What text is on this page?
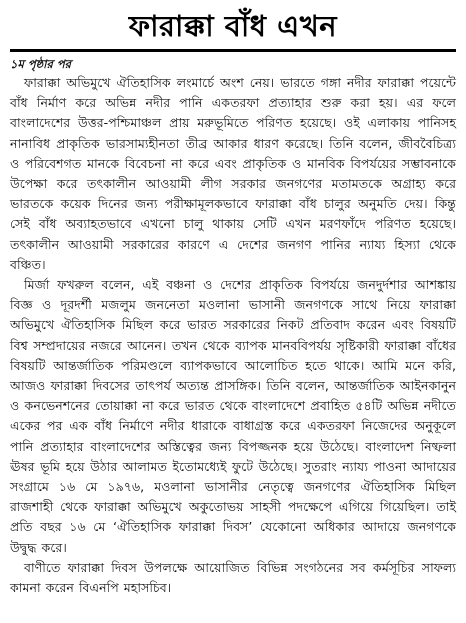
ফারাক্কা বাঁধ এখন
১ম পৃষ্ঠার পর

ফারাক্কা অভিমুখে ঐতিহাসিক লংমার্চে অংশ নেয়। ভারতে গঙ্গা নদীর ফারাক্কা পয়েন্টে বাঁধ নির্মাণ করে অভিন্ন নদীর পানি একতরফা প্রত্যাহার শুরু করা হয়। এর ফলে বাংলাদেশের উত্তর-পশ্চিমাঞ্চল প্রায় মরুভূমিতে পরিণত হয়েছে। ওই এলাকায় পানিসহ নানাবিধ প্রাকৃতিক ভারসাম্যহীনতা তীব্র আকার ধারণ করেছে। তিনি বলেন, জীববৈচিত্র্য ও পরিবেশগত মানকে বিবেচনা না করে এবং প্রাকৃতিক ও মানবিক বিপর্যয়ের সম্ভাবনাকে উপেক্ষা করে তৎকালীন আওয়ামী লীগ সরকার জনগণের মতামতকে অগ্রাহ্য করে ভারতকে কয়েক দিনের জন্য পরীক্ষামূলকভাবে ফারাক্কা বাঁধ চালুর অনুমতি দেয়। কিন্তু সেই বাঁধ অব্যাহতভাবে এখনো চালু থাকায় সেটি এখন মরণফাঁদে পরিণত হয়েছে। তৎকালীন আওয়ামী সরকারের কারণে এ দেশের জনগণ পানির ন্যায্য হিস্যা থেকে বঞ্চিত।

মির্জা ফখরুল বলেন, এই বঞ্চনা ও দেশের প্রাকৃতিক বিপর্যয়ে জনদুর্দশার আশঙ্কায় বিজ্ঞ ও দূরদর্শী মজলুম জননেতা মওলানা ভাসানী জনগণকে সাথে নিয়ে ফারাক্কা অভিমুখে ঐতিহাসিক মিছিল করে ভারত সরকারের নিকট প্রতিবাদ করেন এবং বিষয়টি বিশ্ব সম্প্রদায়ের নজরে আনেন। তখন থেকে ব্যাপক মানববিপর্যয় সৃষ্টিকারী ফারাক্কা বাঁধের বিষয়টি আন্তর্জাতিক পরিমণ্ডলে ব্যাপকভাবে আলোচিত হতে থাকে। আমি মনে করি, আজও ফারাক্কা দিবসের তাৎপর্য অত্যন্ত প্রাসঙ্গিক। তিনি বলেন, আন্তর্জাতিক আইনকানুন ও কনভেনশনের তোয়াক্কা না করে ভারত থেকে বাংলাদেশে প্রবাহিত ৫৪টি অভিন্ন নদীতে একের পর এক বাঁধ নির্মাণে নদীর ধারাকে বাধাগ্রস্ত করে একতরফা নিজেদের অনুকূলে পানি প্রত্যাহার বাংলাদেশের অস্তিত্বের জন্য বিপজ্জনক হয়ে উঠেছে। বাংলাদেশ নিষ্ফলা ঊষর ভূমি হয়ে উঠার আলামত ইতোমধ্যেই ফুটে উঠেছে। সুতরাং ন্যায্য পাওনা আদায়ের সংগ্রামে ১৬ মে ১৯৭৬, মওলানা ভাসানীর নেতৃত্বে জনগণের ঐতিহাসিক মিছিল রাজশাহী থেকে ফারাক্কা অভিমুখে অকুতোভয় সাহসী পদক্ষেপে এগিয়ে গিয়েছিল। তাই প্রতি বছর ১৬ মে ‘ঐতিহাসিক ফারাক্কা দিবস’ যেকোনো অধিকার আদায়ে জনগণকে উদ্বুদ্ধ করে।

বাণীতে ফারাক্কা দিবস উপলক্ষে আয়োজিত বিভিন্ন সংগঠনের সব কর্মসূচির সাফল্য কামনা করেন বিএনপি মহাসচিব।
